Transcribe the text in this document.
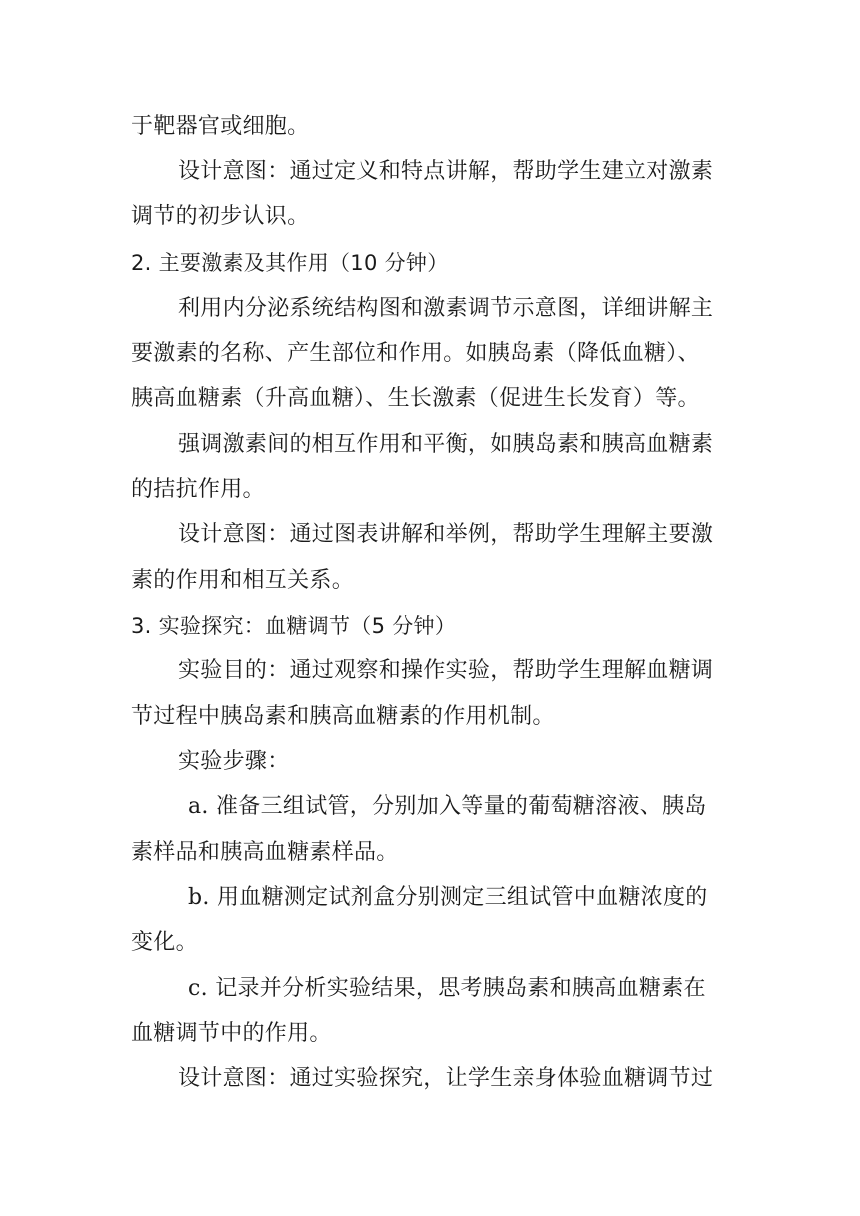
于靶器官或细胞。
设计意图：通过定义和特点讲解，帮助学生建立对激素
调节的初步认识。
2. 主要激素及其作用（10 分钟）
利用内分泌系统结构图和激素调节示意图，详细讲解主
要激素的名称、产生部位和作用。如胰岛素（降低血糖）、
胰高血糖素（升高血糖）、生长激素（促进生长发育）等。
强调激素间的相互作用和平衡，如胰岛素和胰高血糖素
的拮抗作用。
设计意图：通过图表讲解和举例，帮助学生理解主要激
素的作用和相互关系。
3. 实验探究：血糖调节（5 分钟）
实验目的：通过观察和操作实验，帮助学生理解血糖调
节过程中胰岛素和胰高血糖素的作用机制。
实验步骤：
a. 准备三组试管，分别加入等量的葡萄糖溶液、胰岛
素样品和胰高血糖素样品。
b. 用血糖测定试剂盒分别测定三组试管中血糖浓度的
变化。
c. 记录并分析实验结果，思考胰岛素和胰高血糖素在
血糖调节中的作用。
设计意图：通过实验探究，让学生亲身体验血糖调节过
